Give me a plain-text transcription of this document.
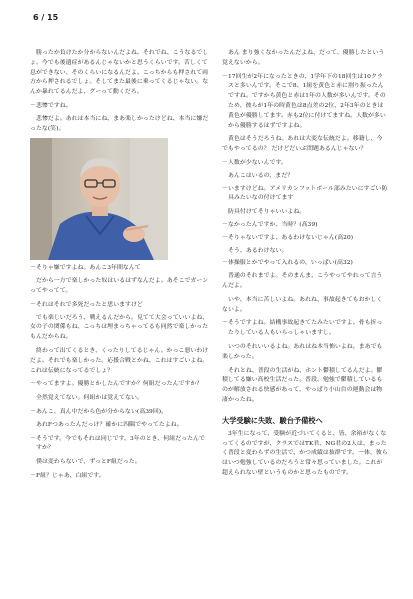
6 / 15

勝ったか負けたか分からないんだよね。それでね、こうなるでしょ。今でも後遺症があるんじゃないかと思うくらいです。苦しくて息ができない、そのくらいになるんだよ。こっちからも押されて両方から押されるでしょ。そしてまた最後に乗ってくるじゃない。なんか暴れてるんだよ、グーって動くだろ。

－悲惨ですね。

悲惨だよ。あれは本当にね、まあ楽しかったけどね、本当に嫌だったな(笑)。

－そりゃ嫌ですよね。あんこ3年間なんて

だから一方で楽しかった奴はいるはずなんだよ。あそこでガーンってやってて。

－それはそれで多死だったと思いますけど

でも楽しいだろう、戦えるんだから。見てて大会っていいよね、女の子の関係もね、こっちは埋まっちゃってるも同然で楽しかったもんだからね。

終わって出てくるとき、くったりしてるじゃん。かっこ悪いわけだよ。それでも楽しかった。応援合戦とかね、これはすごいよね。これは伝統になってるでしょ？

－やってますよ。優勝とかしたんですか？何組だったんですか？

全然覚えてない。何組かは覚えてない。

－あんこ、真ん中だから色が分からない(高39回)。

あれFつあったんだっけ？確かに四隅でやってたよね。

－そうです。今でもそれは同じです。3年のとき、何組だったんですか？

僕は変わらないで、ずっとF組だった。

－F組？じゃあ、白組です。

あん まり強くなかったんだよね、だって、優勝したという覚えないから。

－17回生が2年になったときの、1学年下の18回生は10クラスと多いんです。そこで8、1組を黄色と赤に割り振ったんですね。ですから黄色と赤は1年の人数が多いんです。そのため、彼らが1年の時黄色は8点差の2位、2年3年のときは黄色が優勝してます。赤も2位に付けてますね。人数が多いから優勝するはずですよね。

黄色はそうだろうね。あれは大変な伝統だよ。移籍し、今でもやってるの？ だけどだいぶ問題あるんじゃない？

－人数が少ないんです。

あんこはいるの、まだ？

－いますけどね。アメリカンフットボール部みたいにすごい防具みたいなの付けてます

防具付けてそりゃいいよね。

－なかったんですか、当時？(高39)

－そりゃないですよ、あるわけないじゃん(高20)

そう、あるわけない。

－体操服とかでやって入れるの、いっぱい(高32)

普通のそれまでよ。そのまんま、こうやってやれって言うんだよ。

いや、本当に苦しいよね。あれね、事故起きてもおかしくないよ。

－そうですよね。結構事故起きてたみたいですよ。骨も折ったりしている人もいらっしゃいますし。

いつのそれいいるよね。あれはね本当怖いよね。まあでも楽しかった。

それとね、普段の生活がね、ホント鬱積してるんだよ。鬱積してる嫌い高校生活だった。普段、勉強で鬱積しているものが解放される快感があって、やっぱり小山台の運動会は物凄かったね。

大学受験に失敗、駿台予備校へ

3年生になって、受験が近づいてくると、皆、余裕がなくなってくるのですが、クラスではTK君、NG君の2人は、まったく普段と変わらずの生活で、かつ成績は抜群です。一体、彼らはいつ勉強しているのだろうと常々思っていました。これが超えられない壁というものかと思ったものです。
